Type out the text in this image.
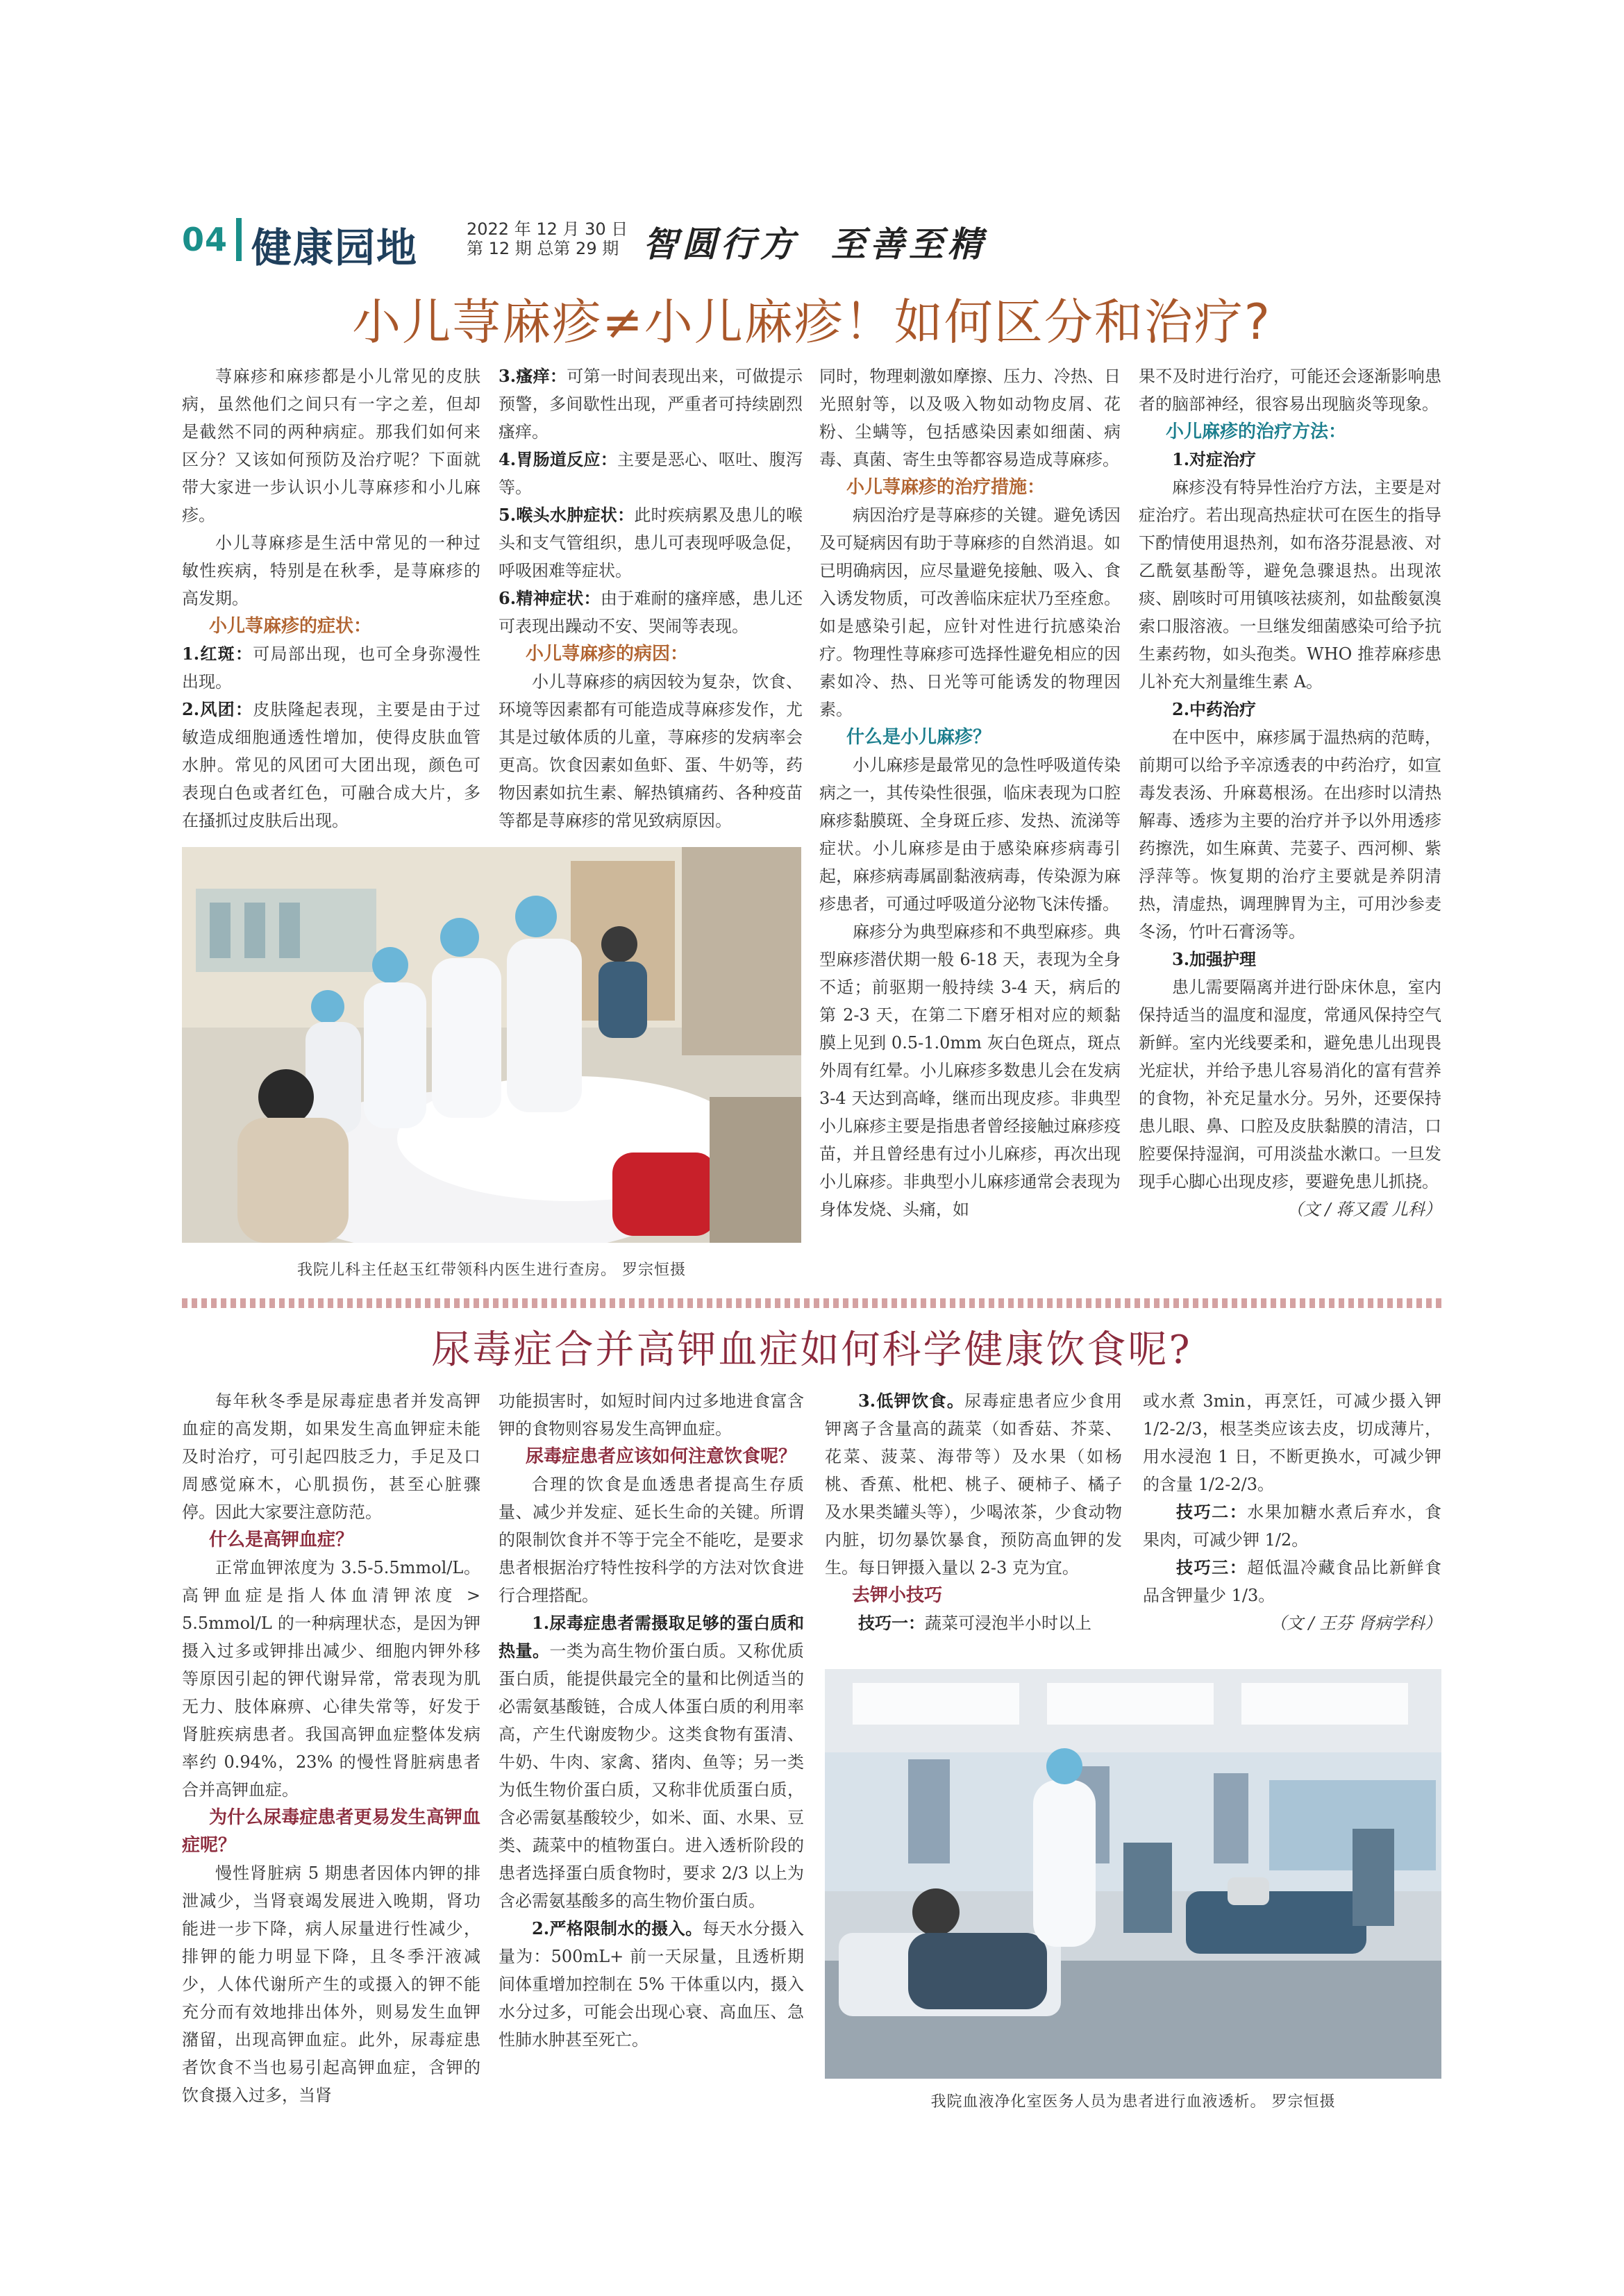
04 健康园地	2022 年 12 月 30 日
第 12 期 总第 29 期 智圆行方  至善至精
小儿荨麻疹≠小儿麻疹！如何区分和治疗?

荨麻疹和麻疹都是小儿常见的皮肤病，虽然他们之间只有一字之差，但却是截然不同的两种病症。那我们如何来区分？又该如何预防及治疗呢？下面就带大家进一步认识小儿荨麻疹和小儿麻疹。

小儿荨麻疹是生活中常见的一种过敏性疾病，特别是在秋季，是荨麻疹的高发期。

小儿荨麻疹的症状：

1.红斑：可局部出现，也可全身弥漫性出现。

2.风团：皮肤隆起表现，主要是由于过敏造成细胞通透性增加，使得皮肤血管水肿。常见的风团可大团出现，颜色可表现白色或者红色，可融合成大片，多在搔抓过皮肤后出现。

3.瘙痒：可第一时间表现出来，可做提示预警，多间歇性出现，严重者可持续剧烈瘙痒。

4.胃肠道反应：主要是恶心、呕吐、腹泻等。

5.喉头水肿症状：此时疾病累及患儿的喉头和支气管组织，患儿可表现呼吸急促，呼吸困难等症状。

6.精神症状：由于难耐的瘙痒感，患儿还可表现出躁动不安、哭闹等表现。

小儿荨麻疹的病因：

小儿荨麻疹的病因较为复杂，饮食、环境等因素都有可能造成荨麻疹发作，尤其是过敏体质的儿童，荨麻疹的发病率会更高。饮食因素如鱼虾、蛋、牛奶等，药物因素如抗生素、解热镇痛药、各种疫苗等都是荨麻疹的常见致病原因。

同时，物理刺激如摩擦、压力、冷热、日光照射等，以及吸入物如动物皮屑、花粉、尘螨等，包括感染因素如细菌、病毒、真菌、寄生虫等都容易造成荨麻疹。

小儿荨麻疹的治疗措施：

病因治疗是荨麻疹的关键。避免诱因及可疑病因有助于荨麻疹的自然消退。如已明确病因，应尽量避免接触、吸入、食入诱发物质，可改善临床症状乃至痊愈。如是感染引起，应针对性进行抗感染治疗。物理性荨麻疹可选择性避免相应的因素如冷、热、日光等可能诱发的物理因素。

什么是小儿麻疹？

小儿麻疹是最常见的急性呼吸道传染病之一，其传染性很强，临床表现为口腔麻疹黏膜斑、全身斑丘疹、发热、流涕等症状。小儿麻疹是由于感染麻疹病毒引起，麻疹病毒属副黏液病毒，传染源为麻疹患者，可通过呼吸道分泌物飞沫传播。

麻疹分为典型麻疹和不典型麻疹。典型麻疹潜伏期一般 6-18 天，表现为全身不适；前驱期一般持续 3-4 天，病后的第 2-3 天，在第二下磨牙相对应的颊黏膜上见到 0.5-1.0mm 灰白色斑点，斑点外周有红晕。小儿麻疹多数患儿会在发病 3-4 天达到高峰，继而出现皮疹。非典型小儿麻疹主要是指患者曾经接触过麻疹疫苗，并且曾经患有过小儿麻疹，再次出现小儿麻疹。非典型小儿麻疹通常会表现为身体发烧、头痛，如

果不及时进行治疗，可能还会逐渐影响患者的脑部神经，很容易出现脑炎等现象。

小儿麻疹的治疗方法：

1.对症治疗

麻疹没有特异性治疗方法，主要是对症治疗。若出现高热症状可在医生的指导下酌情使用退热剂，如布洛芬混悬液、对乙酰氨基酚等，避免急骤退热。出现浓痰、剧咳时可用镇咳祛痰剂，如盐酸氨溴索口服溶液。一旦继发细菌感染可给予抗生素药物，如头孢类。WHO 推荐麻疹患儿补充大剂量维生素 A。

2.中药治疗

在中医中，麻疹属于温热病的范畴，前期可以给予辛凉透表的中药治疗，如宣毒发表汤、升麻葛根汤。在出疹时以清热解毒、透疹为主要的治疗并予以外用透疹药擦洗，如生麻黄、芫荽子、西河柳、紫浮萍等。恢复期的治疗主要就是养阴清热，清虚热，调理脾胃为主，可用沙参麦冬汤，竹叶石膏汤等。

3.加强护理

患儿需要隔离并进行卧床休息，室内保持适当的温度和湿度，常通风保持空气新鲜。室内光线要柔和，避免患儿出现畏光症状，并给予患儿容易消化的富有营养的食物，补充足量水分。另外，还要保持患儿眼、鼻、口腔及皮肤黏膜的清洁，口腔要保持湿润，可用淡盐水漱口。一旦发现手心脚心出现皮疹，要避免患儿抓挠。

（文 / 蒋又霞 儿科）

我院儿科主任赵玉红带领科内医生进行查房。 罗宗恒摄
尿毒症合并高钾血症如何科学健康饮食呢?

每年秋冬季是尿毒症患者并发高钾血症的高发期，如果发生高血钾症未能及时治疗，可引起四肢乏力，手足及口周感觉麻木，心肌损伤，甚至心脏骤停。因此大家要注意防范。

什么是高钾血症？

正常血钾浓度为 3.5-5.5mmol/L。高钾血症是指人体血清钾浓度 > 5.5mmol/L 的一种病理状态，是因为钾摄入过多或钾排出减少、细胞内钾外移等原因引起的钾代谢异常，常表现为肌无力、肢体麻痹、心律失常等，好发于肾脏疾病患者。我国高钾血症整体发病率约 0.94%，23% 的慢性肾脏病患者合并高钾血症。

为什么尿毒症患者更易发生高钾血症呢？

慢性肾脏病 5 期患者因体内钾的排泄减少，当肾衰竭发展进入晚期，肾功能进一步下降，病人尿量进行性减少，排钾的能力明显下降，且冬季汗液减少，人体代谢所产生的或摄入的钾不能充分而有效地排出体外，则易发生血钾潴留，出现高钾血症。此外，尿毒症患者饮食不当也易引起高钾血症，含钾的饮食摄入过多，当肾

功能损害时，如短时间内过多地进食富含钾的食物则容易发生高钾血症。

尿毒症患者应该如何注意饮食呢？

合理的饮食是血透患者提高生存质量、减少并发症、延长生命的关键。所谓的限制饮食并不等于完全不能吃，是要求患者根据治疗特性按科学的方法对饮食进行合理搭配。

1.尿毒症患者需摄取足够的蛋白质和热量。一类为高生物价蛋白质。又称优质蛋白质，能提供最完全的量和比例适当的必需氨基酸链，合成人体蛋白质的利用率高，产生代谢废物少。这类食物有蛋清、牛奶、牛肉、家禽、猪肉、鱼等；另一类为低生物价蛋白质，又称非优质蛋白质，含必需氨基酸较少，如米、面、水果、豆类、蔬菜中的植物蛋白。进入透析阶段的患者选择蛋白质食物时，要求 2/3 以上为含必需氨基酸多的高生物价蛋白质。

2.严格限制水的摄入。每天水分摄入量为：500mL+ 前一天尿量，且透析期间体重增加控制在 5% 干体重以内，摄入水分过多，可能会出现心衰、高血压、急性肺水肿甚至死亡。

3.低钾饮食。尿毒症患者应少食用钾离子含量高的蔬菜（如香菇、芥菜、花菜、菠菜、海带等）及水果（如杨桃、香蕉、枇杷、桃子、硬柿子、橘子及水果类罐头等），少喝浓茶，少食动物内脏，切勿暴饮暴食，预防高血钾的发生。每日钾摄入量以 2-3 克为宜。

去钾小技巧

技巧一：蔬菜可浸泡半小时以上

或水煮 3min，再烹饪，可减少摄入钾 1/2-2/3，根茎类应该去皮，切成薄片，用水浸泡 1 日，不断更换水，可减少钾的含量 1/2-2/3。

技巧二：水果加糖水煮后弃水，食果肉，可减少钾 1/2。

技巧三：超低温冷藏食品比新鲜食品含钾量少 1/3。

（文 / 王芬 肾病学科）

我院血液净化室医务人员为患者进行血液透析。 罗宗恒摄
